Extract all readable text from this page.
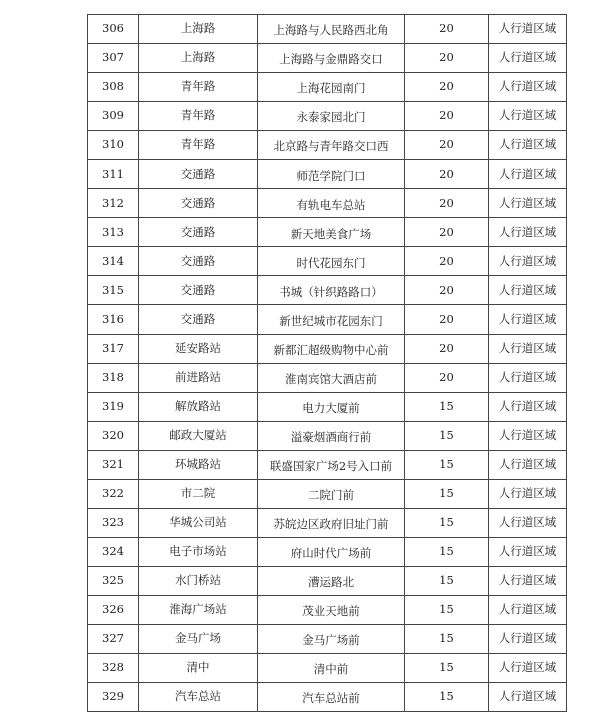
306	上海路	上海路与人民路西北角	20	人行道区域
307	上海路	上海路与金鼎路交口	20	人行道区域
308	青年路	上海花园南门	20	人行道区域
309	青年路	永泰家园北门	20	人行道区域
310	青年路	北京路与青年路交口西	20	人行道区域
311	交通路	师范学院门口	20	人行道区域
312	交通路	有轨电车总站	20	人行道区域
313	交通路	新天地美食广场	20	人行道区域
314	交通路	时代花园东门	20	人行道区域
315	交通路	书城（针织路路口）	20	人行道区域
316	交通路	新世纪城市花园东门	20	人行道区域
317	延安路站	新都汇超级购物中心前	20	人行道区域
318	前进路站	淮南宾馆大酒店前	20	人行道区域
319	解放路站	电力大厦前	15	人行道区域
320	邮政大厦站	溢豪烟酒商行前	15	人行道区域
321	环城路站	联盛国家广场2号入口前	15	人行道区域
322	市二院	二院门前	15	人行道区域
323	华城公司站	苏皖边区政府旧址门前	15	人行道区域
324	电子市场站	府山时代广场前	15	人行道区域
325	水门桥站	漕运路北	15	人行道区域
326	淮海广场站	茂业天地前	15	人行道区域
327	金马广场	金马广场前	15	人行道区域
328	清中	清中前	15	人行道区域
329	汽车总站	汽车总站前	15	人行道区域
